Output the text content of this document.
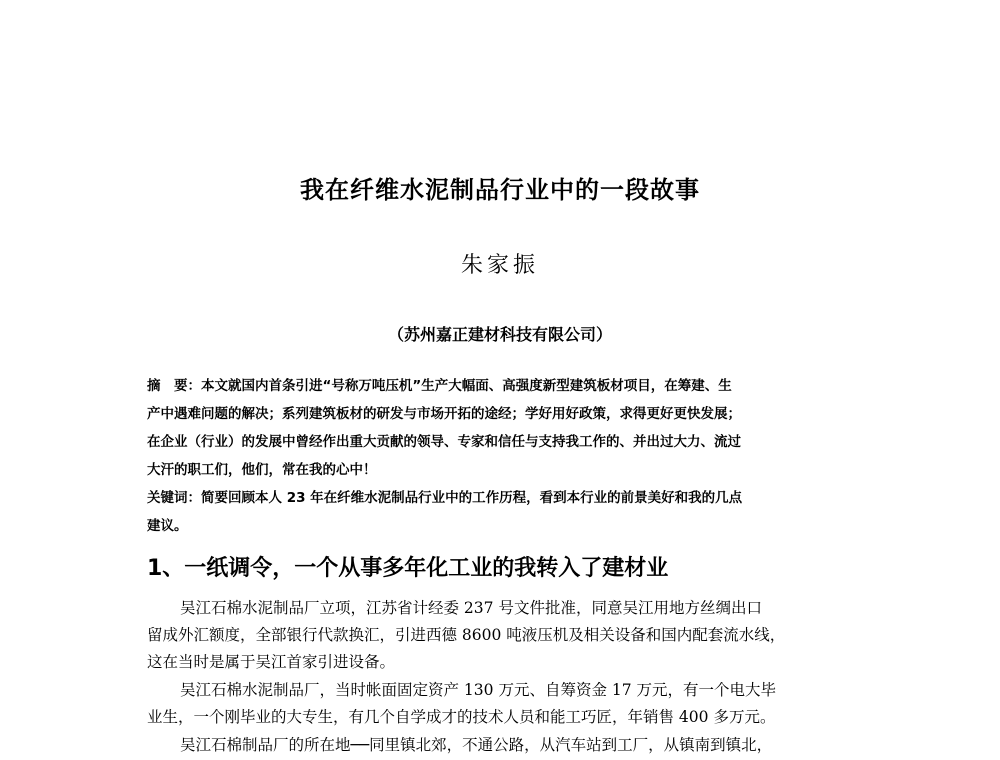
我在纤维水泥制品行业中的一段故事

朱家振

（苏州嘉正建材科技有限公司）

摘　要：本文就国内首条引进“号称万吨压机”生产大幅面、高强度新型建筑板材项目，在筹建、生

产中遇难问题的解决；系列建筑板材的研发与市场开拓的途经；学好用好政策，求得更好更快发展；

在企业（行业）的发展中曾经作出重大贡献的领导、专家和信任与支持我工作的、并出过大力、流过

大汗的职工们，他们，常在我的心中！

关键词：简要回顾本人 23 年在纤维水泥制品行业中的工作历程，看到本行业的前景美好和我的几点

建议。

1、一纸调令，一个从事多年化工业的我转入了建材业

吴江石棉水泥制品厂立项，江苏省计经委 237 号文件批准，同意吴江用地方丝绸出口

留成外汇额度，全部银行代款换汇，引进西德 8600 吨液压机及相关设备和国内配套流水线，

这在当时是属于吴江首家引进设备。

吴江石棉水泥制品厂，当时帐面固定资产 130 万元、自筹资金 17 万元，有一个电大毕

业生，一个刚毕业的大专生，有几个自学成才的技术人员和能工巧匠，年销售 400 多万元。

吴江石棉制品厂的所在地──同里镇北郊，不通公路，从汽车站到工厂，从镇南到镇北，
